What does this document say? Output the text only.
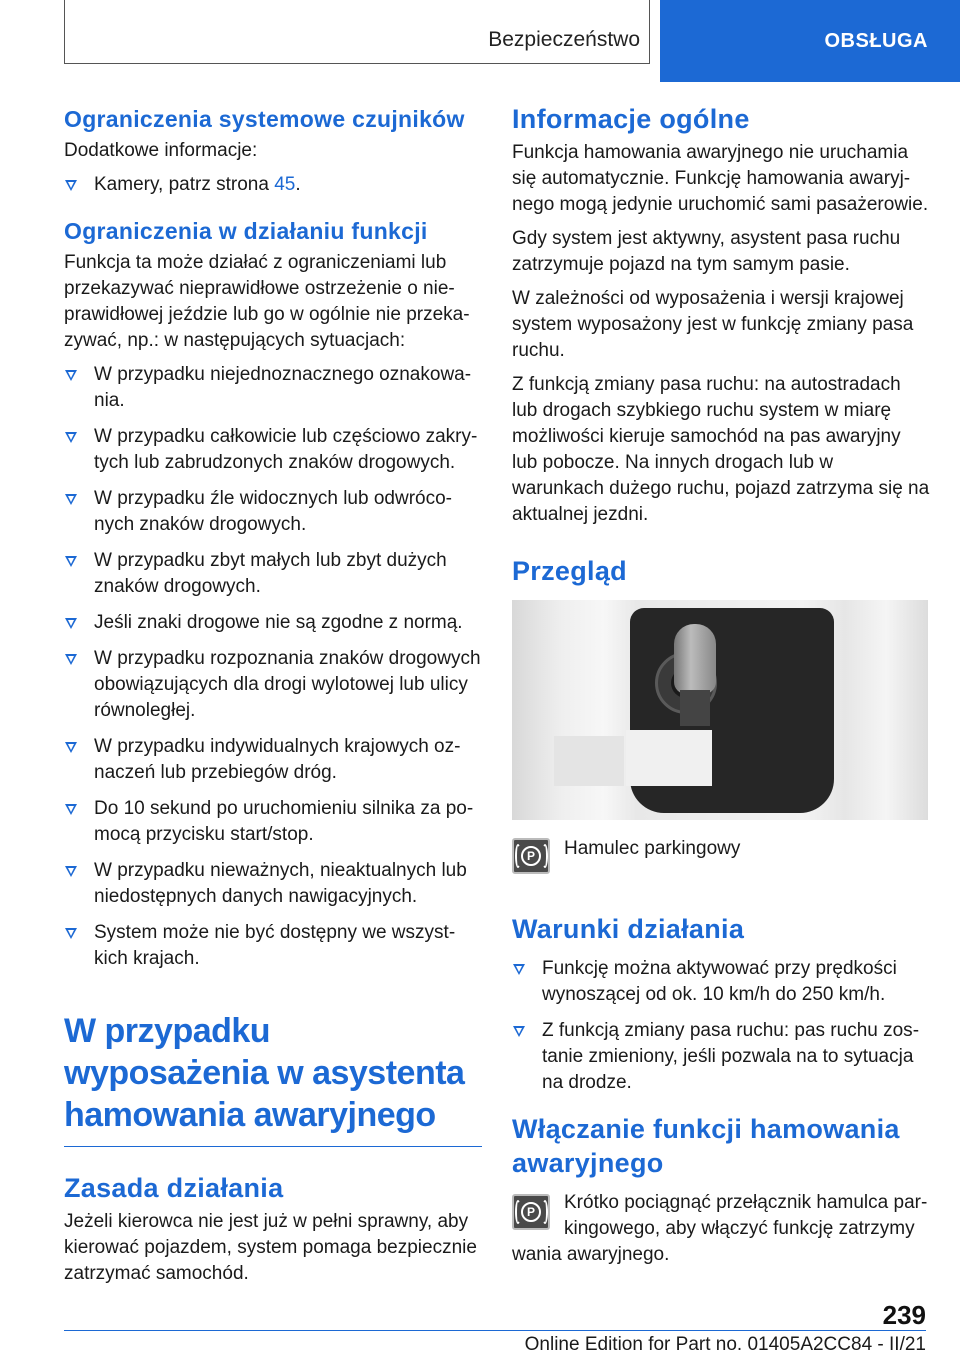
Bezpieczeństwo	OBSŁUGA
Ograniczenia systemowe czujników

Dodatkowe informacje:

Kamery, patrz strona 45.
Ograniczenia w działaniu funkcji

Funkcja ta może działać z ograniczeniami lub przekazywać nieprawidłowe ostrzeżenie o nieprawidłowej jeździe lub go w ogólnie nie przekazywać, np.: w następujących sytuacjach:

W przypadku niejednoznacznego oznakowania.
W przypadku całkowicie lub częściowo zakrytych lub zabrudzonych znaków drogowych.
W przypadku źle widocznych lub odwróconych znaków drogowych.
W przypadku zbyt małych lub zbyt dużych znaków drogowych.
Jeśli znaki drogowe nie są zgodne z normą.
W przypadku rozpoznania znaków drogowych obowiązujących dla drogi wylotowej lub ulicy równoległej.
W przypadku indywidualnych krajowych oznaczeń lub przebiegów dróg.
Do 10 sekund po uruchomieniu silnika za pomocą przycisku start/stop.
W przypadku nieważnych, nieaktualnych lub niedostępnych danych nawigacyjnych.
System może nie być dostępny we wszystkich krajach.
W przypadku wyposażenia w asystenta hamowania awaryjnego
Zasada działania

Jeżeli kierowca nie jest już w pełni sprawny, aby kierować pojazdem, system pomaga bezpiecznie zatrzymać samochód.

Informacje ogólne

Funkcja hamowania awaryjnego nie uruchamia się automatycznie. Funkcję hamowania awaryjnego mogą jedynie uruchomić sami pasażerowie.

Gdy system jest aktywny, asystent pasa ruchu zatrzymuje pojazd na tym samym pasie.

W zależności od wyposażenia i wersji krajowej system wyposażony jest w funkcję zmiany pasa ruchu.

Z funkcją zmiany pasa ruchu: na autostradach lub drogach szybkiego ruchu system w miarę możliwości kieruje samochód na pas awaryjny lub pobocze. Na innych drogach lub w warunkach dużego ruchu, pojazd zatrzyma się na aktualnej jezdni.

Przegląd
P	Hamulec parkingowy
Warunki działania
Funkcję można aktywować przy prędkości wynoszącej od ok. 10 km/h do 250 km/h.
Z funkcją zmiany pasa ruchu: pas ruchu zostanie zmieniony, jeśli pozwala na to sytuacja na drodze.
Włączanie funkcji hamowania awaryjnego
P	Krótko pociągnąć przełącznik hamulca parkingowego, aby włączyć funkcję zatrzymy
wania awaryjnego.
239
Online Edition for Part no. 01405A2CC84 - II/21
